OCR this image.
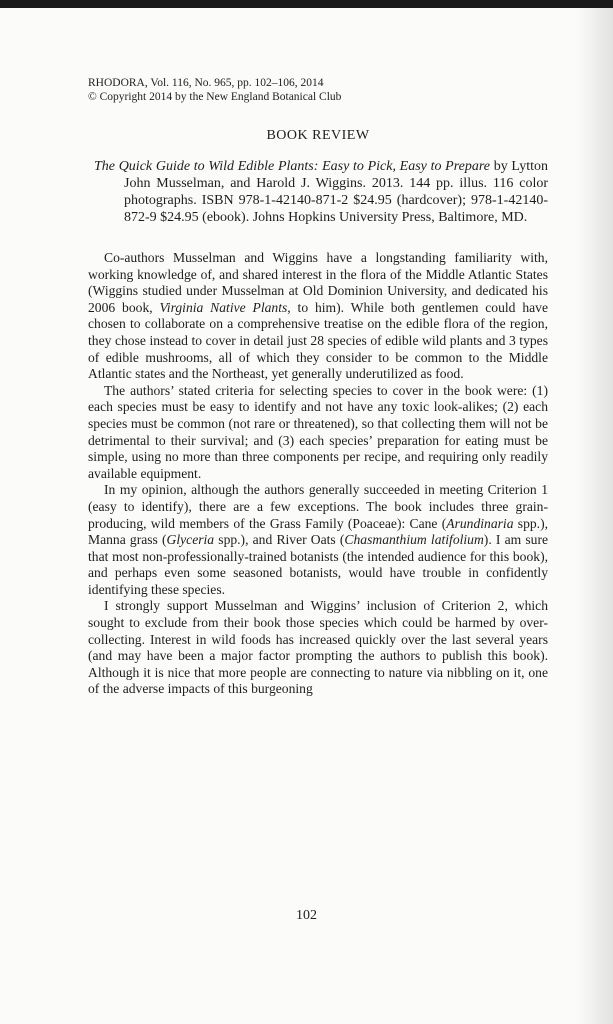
RHODORA, Vol. 116, No. 965, pp. 102–106, 2014

© Copyright 2014 by the New England Botanical Club

BOOK REVIEW

The Quick Guide to Wild Edible Plants: Easy to Pick, Easy to Prepare by Lytton John Musselman, and Harold J. Wiggins. 2013. 144 pp. illus. 116 color photographs. ISBN 978-1-42140-871-2 $24.95 (hardcover); 978-1-42140-872-9 $24.95 (ebook). Johns Hopkins University Press, Baltimore, MD.

Co-authors Musselman and Wiggins have a longstanding familiarity with, working knowledge of, and shared interest in the flora of the Middle Atlantic States (Wiggins studied under Musselman at Old Dominion University, and dedicated his 2006 book, Virginia Native Plants, to him). While both gentlemen could have chosen to collaborate on a comprehensive treatise on the edible flora of the region, they chose instead to cover in detail just 28 species of edible wild plants and 3 types of edible mushrooms, all of which they consider to be common to the Middle Atlantic states and the Northeast, yet generally underutilized as food.

The authors’ stated criteria for selecting species to cover in the book were: (1) each species must be easy to identify and not have any toxic look-alikes; (2) each species must be common (not rare or threatened), so that collecting them will not be detrimental to their survival; and (3) each species’ preparation for eating must be simple, using no more than three components per recipe, and requiring only readily available equipment.

In my opinion, although the authors generally succeeded in meeting Criterion 1 (easy to identify), there are a few exceptions. The book includes three grain-producing, wild members of the Grass Family (Poaceae): Cane (Arundinaria spp.), Manna grass (Glyceria spp.), and River Oats (Chasmanthium latifolium). I am sure that most non-professionally-trained botanists (the intended audience for this book), and perhaps even some seasoned botanists, would have trouble in confidently identifying these species.

I strongly support Musselman and Wiggins’ inclusion of Criterion 2, which sought to exclude from their book those species which could be harmed by over-collecting. Interest in wild foods has increased quickly over the last several years (and may have been a major factor prompting the authors to publish this book). Although it is nice that more people are connecting to nature via nibbling on it, one of the adverse impacts of this burgeoning

102
